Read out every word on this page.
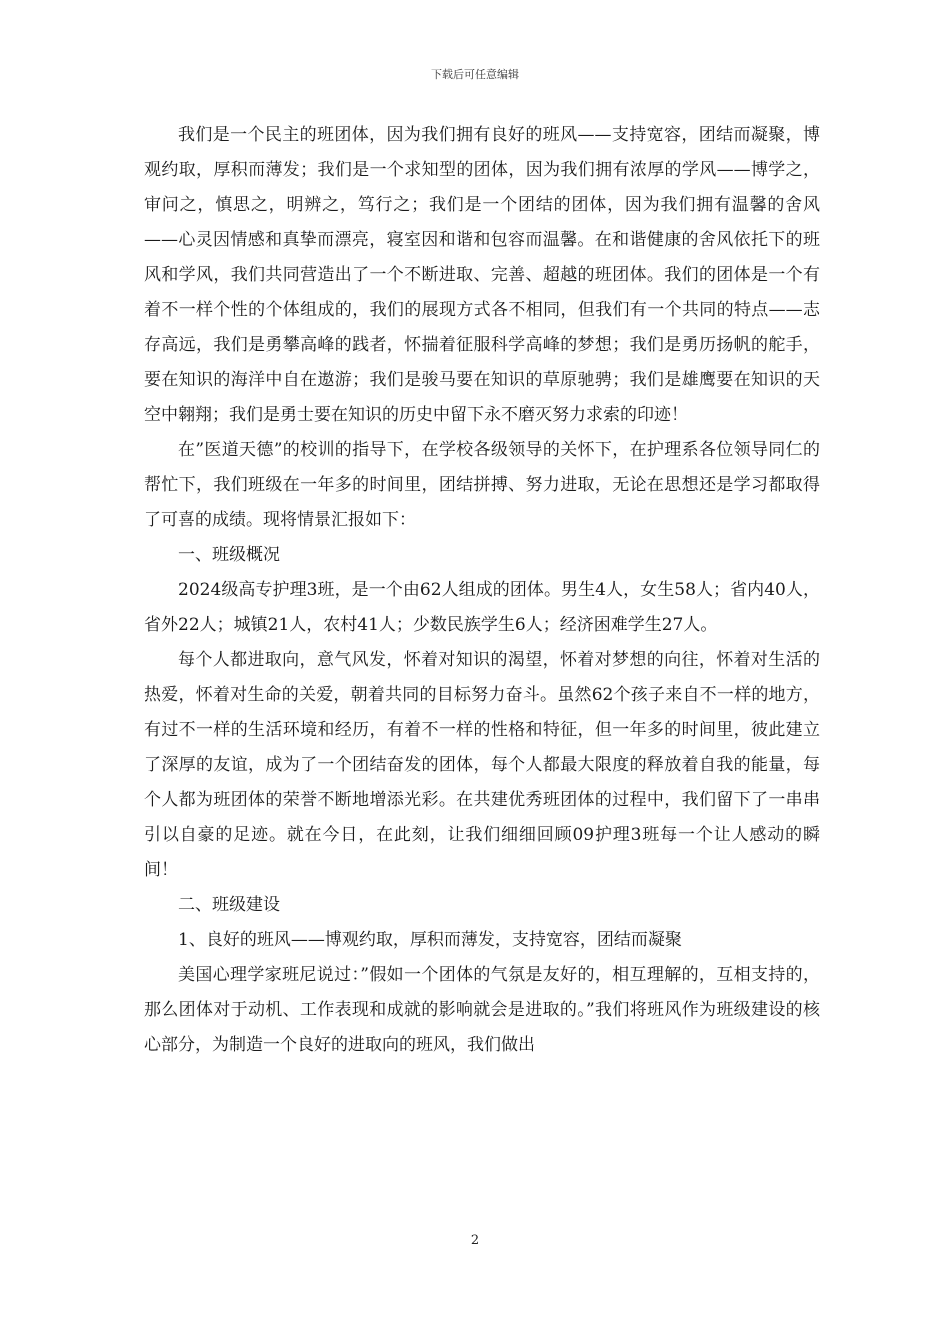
下载后可任意编辑

我们是一个民主的班团体，因为我们拥有良好的班风——支持宽容，团结而凝聚，博观约取，厚积而薄发；我们是一个求知型的团体，因为我们拥有浓厚的学风——博学之，审问之，慎思之，明辨之，笃行之；我们是一个团结的团体，因为我们拥有温馨的舍风——心灵因情感和真挚而漂亮，寝室因和谐和包容而温馨。在和谐健康的舍风依托下的班风和学风，我们共同营造出了一个不断进取、完善、超越的班团体。我们的团体是一个有着不一样个性的个体组成的，我们的展现方式各不相同，但我们有一个共同的特点——志存高远，我们是勇攀高峰的践者，怀揣着征服科学高峰的梦想；我们是勇历扬帆的舵手，要在知识的海洋中自在遨游；我们是骏马要在知识的草原驰骋；我们是雄鹰要在知识的天空中翱翔；我们是勇士要在知识的历史中留下永不磨灭努力求索的印迹！

在”医道天德”的校训的指导下，在学校各级领导的关怀下，在护理系各位领导同仁的帮忙下，我们班级在一年多的时间里，团结拼搏、努力进取，无论在思想还是学习都取得了可喜的成绩。现将情景汇报如下：

一、班级概况

2024级高专护理3班，是一个由62人组成的团体。男生4人，女生58人；省内40人，省外22人；城镇21人，农村41人；少数民族学生6人；经济困难学生27人。

每个人都进取向，意气风发，怀着对知识的渴望，怀着对梦想的向往，怀着对生活的热爱，怀着对生命的关爱，朝着共同的目标努力奋斗。虽然62个孩子来自不一样的地方，有过不一样的生活环境和经历，有着不一样的性格和特征，但一年多的时间里，彼此建立了深厚的友谊，成为了一个团结奋发的团体，每个人都最大限度的释放着自我的能量，每个人都为班团体的荣誉不断地增添光彩。在共建优秀班团体的过程中，我们留下了一串串引以自豪的足迹。就在今日，在此刻，让我们细细回顾09护理3班每一个让人感动的瞬间！

二、班级建设

1、良好的班风——博观约取，厚积而薄发，支持宽容，团结而凝聚

美国心理学家班尼说过：”假如一个团体的气氛是友好的，相互理解的，互相支持的，那么团体对于动机、工作表现和成就的影响就会是进取的。”我们将班风作为班级建设的核心部分，为制造一个良好的进取向的班风，我们做出

2
